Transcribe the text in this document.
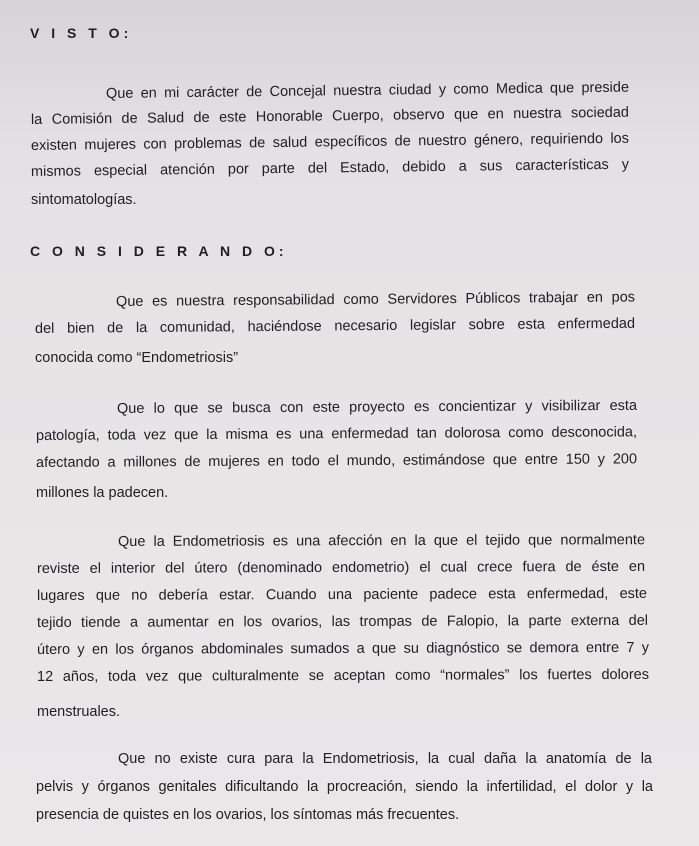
V I S T O:
Que en mi carácter de Concejal nuestra ciudad y como Medica que preside
la Comisión de Salud de este Honorable Cuerpo, observo que en nuestra sociedad
existen mujeres con problemas de salud específicos de nuestro género, requiriendo los
mismos especial atención por parte del Estado, debido a sus características y
sintomatologías.
C O N S I D E R A N D O:
Que es nuestra responsabilidad como Servidores Públicos trabajar en pos
del bien de la comunidad, haciéndose necesario legislar sobre esta enfermedad
conocida como “Endometriosis”
Que lo que se busca con este proyecto es concientizar y visibilizar esta
patología, toda vez que la misma es una enfermedad tan dolorosa como desconocida,
afectando a millones de mujeres en todo el mundo, estimándose que entre 150 y 200
millones la padecen.
Que la Endometriosis es una afección en la que el tejido que normalmente
reviste el interior del útero (denominado endometrio) el cual crece fuera de éste en
lugares que no debería estar. Cuando una paciente padece esta enfermedad, este
tejido tiende a aumentar en los ovarios, las trompas de Falopio, la parte externa del
útero y en los órganos abdominales sumados a que su diagnóstico se demora entre 7 y
12 años, toda vez que culturalmente se aceptan como “normales” los fuertes dolores
menstruales.
Que no existe cura para la Endometriosis, la cual daña la anatomía de la
pelvis y órganos genitales dificultando la procreación, siendo la infertilidad, el dolor y la
presencia de quistes en los ovarios, los síntomas más frecuentes.
